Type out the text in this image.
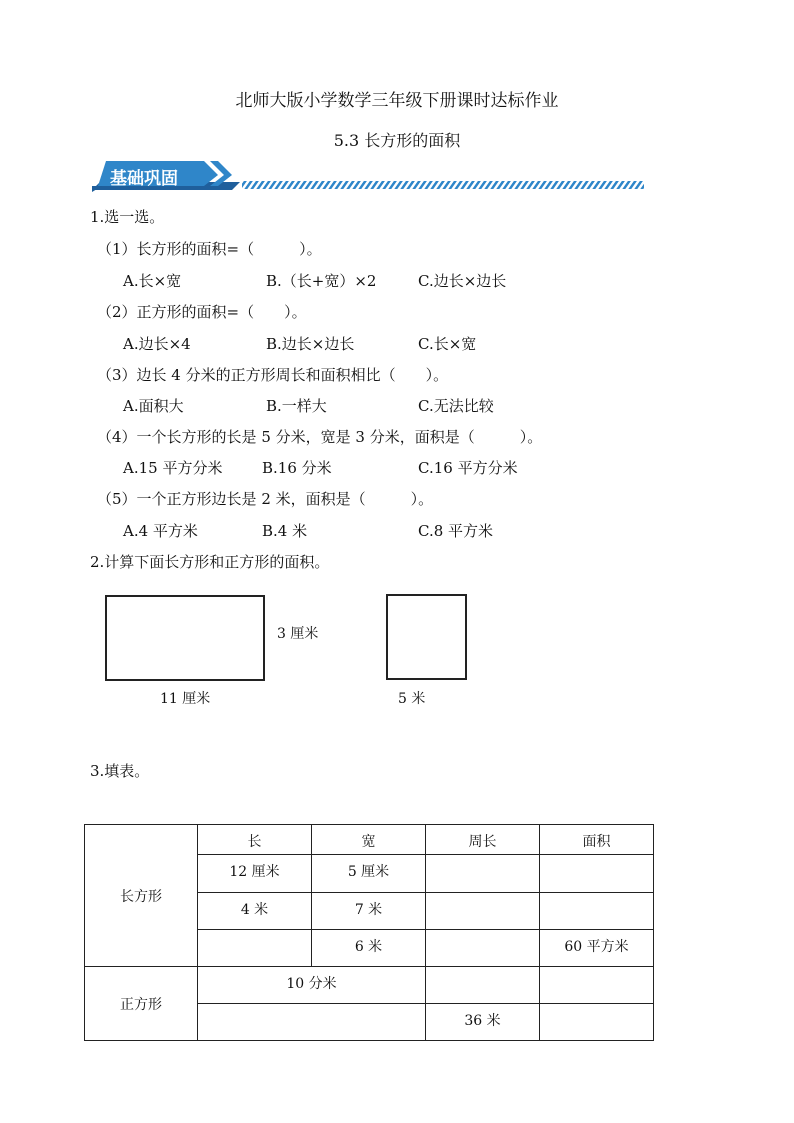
北师大版小学数学三年级下册课时达标作业
5.3 长方形的面积
基础巩固
1.选一选。
（1）长方形的面积=（　　　）。
A.长×宽	B.（长+宽）×2	C.边长×边长
（2）正方形的面积=（　　）。
A.边长×4	B.边长×边长	C.长×宽
（3）边长 4 分米的正方形周长和面积相比（　　）。
A.面积大	B.一样大	C.无法比较
（4）一个长方形的长是 5 分米，宽是 3 分米，面积是（　　　）。
A.15 平方分米	B.16 分米	C.16 平方分米
（5）一个正方形边长是 2 米，面积是（　　　）。
A.4 平方米	B.4 米	C.8 平方米
2.计算下面长方形和正方形的面积。
3 厘米
11 厘米	5 米
3.填表。
长方形	长	宽	周长	面积
	12 厘米	5 厘米		
	4 米	7 米		
		6 米		60 平方米
正方形	10 分米			
			36 米	
